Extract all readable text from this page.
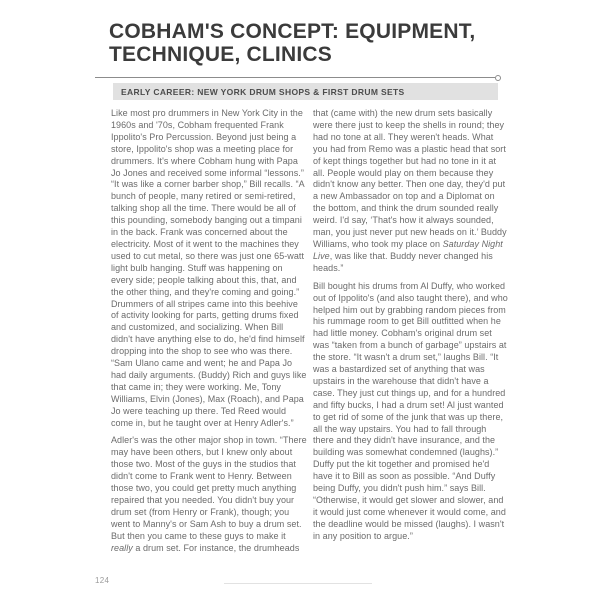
COBHAM'S CONCEPT: EQUIPMENT, TECHNIQUE, CLINICS
EARLY CAREER: NEW YORK DRUM SHOPS & FIRST DRUM SETS

Like most pro drummers in New York City in the 1960s and '70s, Cobham frequented Frank Ippolito's Pro Percussion. Beyond just being a store, Ippolito's shop was a meeting place for drummers. It's where Cobham hung with Papa Jo Jones and received some informal “lessons.” “It was like a corner barber shop,” Bill recalls. “A bunch of people, many retired or semi-retired, talking shop all the time. There would be all of this pounding, somebody banging out a timpani in the back. Frank was concerned about the electricity. Most of it went to the machines they used to cut metal, so there was just one 65-watt light bulb hanging. Stuff was happening on every side; people talking about this, that, and the other thing, and they're coming and going.” Drummers of all stripes came into this beehive of activity looking for parts, getting drums fixed and customized, and socializing. When Bill didn't have anything else to do, he'd find himself dropping into the shop to see who was there. “Sam Ulano came and went; he and Papa Jo had daily arguments. (Buddy) Rich and guys like that came in; they were working. Me, Tony Williams, Elvin (Jones), Max (Roach), and Papa Jo were teaching up there. Ted Reed would come in, but he taught over at Henry Adler's.”

Adler's was the other major shop in town. “There may have been others, but I knew only about those two. Most of the guys in the studios that didn't come to Frank went to Henry. Between those two, you could get pretty much anything repaired that you needed. You didn't buy your drum set (from Henry or Frank), though; you went to Manny's or Sam Ash to buy a drum set. But then you came to these guys to make it really a drum set. For instance, the drumheads

that (came with) the new drum sets basically were there just to keep the shells in round; they had no tone at all. They weren't heads. What you had from Remo was a plastic head that sort of kept things together but had no tone in it at all. People would play on them because they didn't know any better. Then one day, they'd put a new Ambassador on top and a Diplomat on the bottom, and think the drum sounded really weird. I'd say, ‘That's how it always sounded, man, you just never put new heads on it.’ Buddy Williams, who took my place on Saturday Night Live, was like that. Buddy never changed his heads.”

Bill bought his drums from Al Duffy, who worked out of Ippolito's (and also taught there), and who helped him out by grabbing random pieces from his rummage room to get Bill outfitted when he had little money. Cobham's original drum set was “taken from a bunch of garbage” upstairs at the store. “It wasn't a drum set,” laughs Bill. “It was a bastardized set of anything that was upstairs in the warehouse that didn't have a case. They just cut things up, and for a hundred and fifty bucks, I had a drum set! Al just wanted to get rid of some of the junk that was up there, all the way upstairs. You had to fall through there and they didn't have insurance, and the building was somewhat condemned (laughs).” Duffy put the kit together and promised he'd have it to Bill as soon as possible. “And Duffy being Duffy, you didn't push him.” says Bill. “Otherwise, it would get slower and slower, and it would just come whenever it would come, and the deadline would be missed (laughs). I wasn't in any position to argue.”

124
